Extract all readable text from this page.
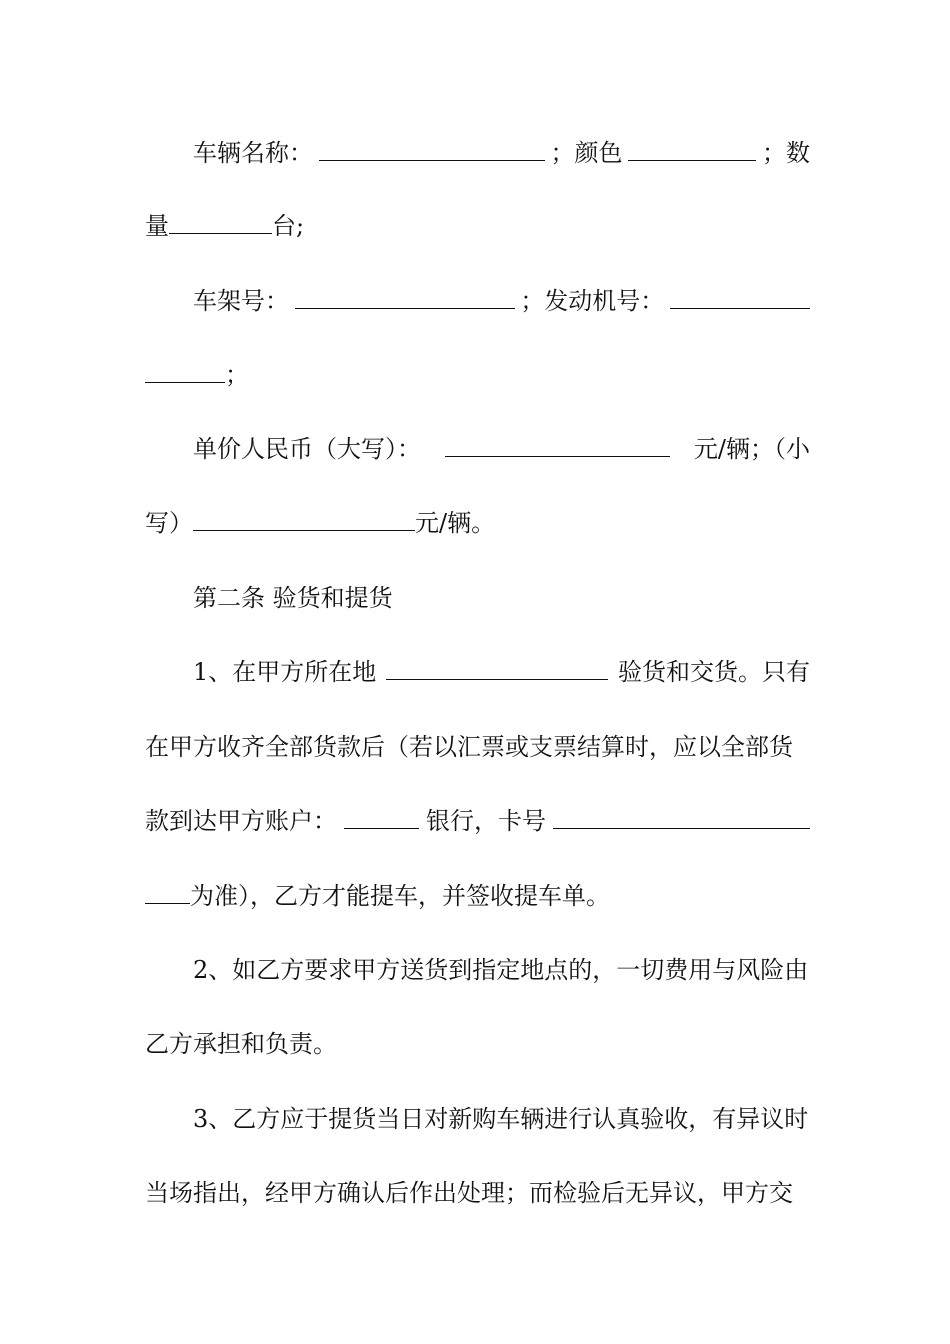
车辆名称：	；颜色	；数
量	台;
车架号：	；发动机号：
；
单价人民币（大写）：	元/辆；（小
写）	元/辆。
第二条 验货和提货
1、在甲方所在地	验货和交货。只有
在甲方收齐全部货款后（若以汇票或支票结算时，应以全部货
款到达甲方账户：	银行，卡号
为准），乙方才能提车，并签收提车单。
2、如乙方要求甲方送货到指定地点的，一切费用与风险由
乙方承担和负责。
3、乙方应于提货当日对新购车辆进行认真验收，有异议时
当场指出，经甲方确认后作出处理；而检验后无异议，甲方交
